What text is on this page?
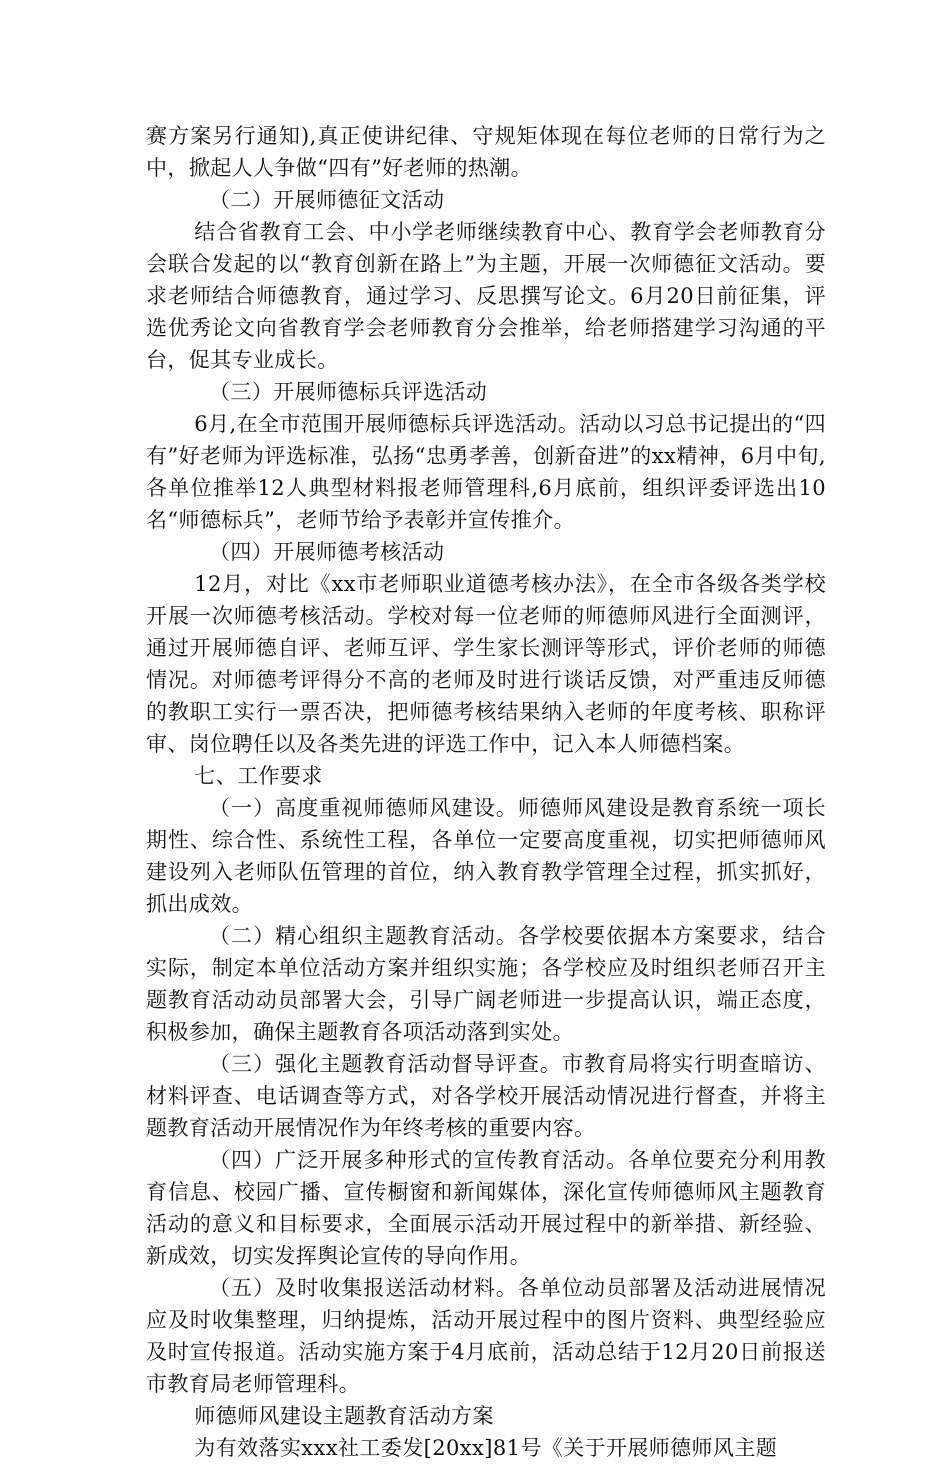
赛方案另行通知),真正使讲纪律、守规矩体现在每位老师的日常行为之中，掀起人人争做“四有”好老师的热潮。

（二）开展师德征文活动

结合省教育工会、中小学老师继续教育中心、教育学会老师教育分会联合发起的以“教育创新在路上”为主题，开展一次师德征文活动。要求老师结合师德教育，通过学习、反思撰写论文。6月20日前征集，评选优秀论文向省教育学会老师教育分会推举，给老师搭建学习沟通的平台，促其专业成长。

（三）开展师德标兵评选活动

6月,在全市范围开展师德标兵评选活动。活动以习总书记提出的“四有”好老师为评选标准，弘扬“忠勇孝善，创新奋进”的xx精神，6月中旬,各单位推举12人典型材料报老师管理科,6月底前，组织评委评选出10名“师德标兵”，老师节给予表彰并宣传推介。

（四）开展师德考核活动

12月，对比《xx市老师职业道德考核办法》，在全市各级各类学校开展一次师德考核活动。学校对每一位老师的师德师风进行全面测评，通过开展师德自评、老师互评、学生家长测评等形式，评价老师的师德情况。对师德考评得分不高的老师及时进行谈话反馈，对严重违反师德的教职工实行一票否决，把师德考核结果纳入老师的年度考核、职称评审、岗位聘任以及各类先进的评选工作中，记入本人师德档案。

七、工作要求

（一）高度重视师德师风建设。师德师风建设是教育系统一项长期性、综合性、系统性工程，各单位一定要高度重视，切实把师德师风建设列入老师队伍管理的首位，纳入教育教学管理全过程，抓实抓好，抓出成效。

（二）精心组织主题教育活动。各学校要依据本方案要求，结合实际，制定本单位活动方案并组织实施；各学校应及时组织老师召开主题教育活动动员部署大会，引导广阔老师进一步提高认识，端正态度，积极参加，确保主题教育各项活动落到实处。

（三）强化主题教育活动督导评查。市教育局将实行明查暗访、材料评查、电话调查等方式，对各学校开展活动情况进行督查，并将主题教育活动开展情况作为年终考核的重要内容。

（四）广泛开展多种形式的宣传教育活动。各单位要充分利用教育信息、校园广播、宣传橱窗和新闻媒体，深化宣传师德师风主题教育活动的意义和目标要求，全面展示活动开展过程中的新举措、新经验、新成效，切实发挥舆论宣传的导向作用。

（五）及时收集报送活动材料。各单位动员部署及活动进展情况应及时收集整理，归纳提炼，活动开展过程中的图片资料、典型经验应及时宣传报道。活动实施方案于4月底前，活动总结于12月20日前报送市教育局老师管理科。

师德师风建设主题教育活动方案

为有效落实xxx社工委发[20xx]81号《关于开展师德师风主题
